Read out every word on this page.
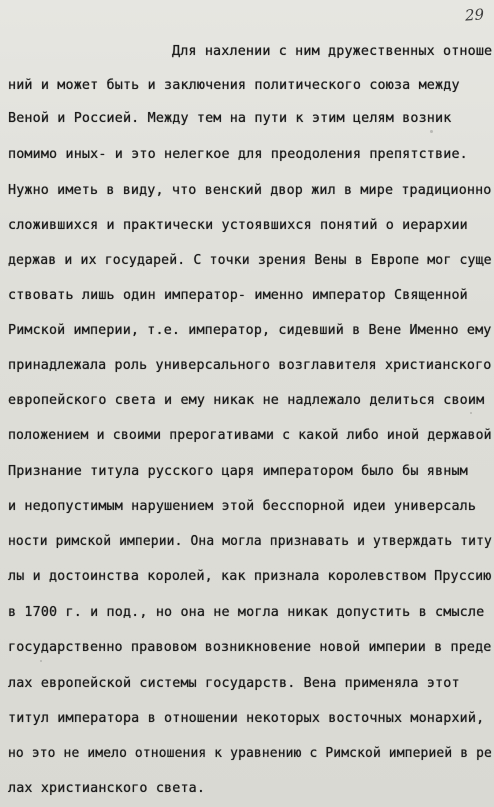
29
Для нахлении с ним дружественных отноше
ний и может быть и заключения политического союза между
Веной и Россией. Между тем на пути к этим целям возник
помимо иных- и это нелегкое для преодоления препятствие.
Нужно иметь в виду, что венский двор жил в мире традиционно
сложившихся и практически устоявшихся понятий о иерархии
держав и их государей. С точки зрения Вены в Европе мог суще
ствовать лишь один император- именно император Священной
Римской империи, т.е. император, сидевший в Вене Именно ему
принадлежала роль универсального возглавителя христианского
европейского света и ему никак не надлежало делиться своим
положением и своими прерогативами с какой либо иной державой
Признание титула русского царя императором было бы явным
и недопустимым нарушением этой бесспорной идеи универсаль
ности римской империи. Она могла признавать и утверждать титу
лы и достоинства королей, как признала королевством Пруссию
в 1700 г. и под., но она не могла никак допустить в смысле
государственно правовом возникновение новой империи в преде
лах европейской системы государств. Вена применяла этот
титул императора в отношении некоторых восточных монархий,
но это не имело отношения к уравнению с Римской империей в ре
лах христианского света.
